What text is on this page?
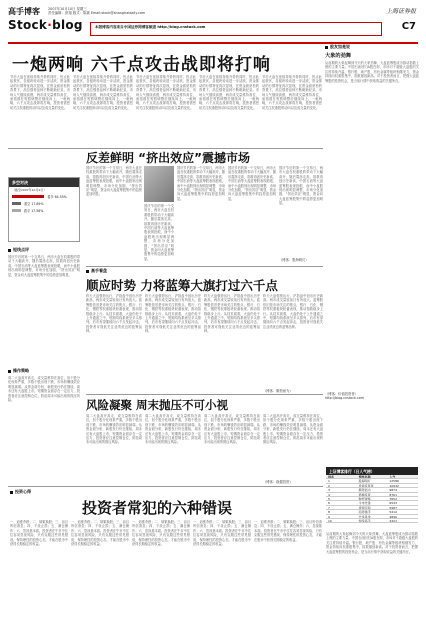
高手博客 2007年10月10日 星期三
责任编辑：彭翔 版式：陈斌 Email:stock@shanghaidaily.com	上海证券报
Stock·blog	本版博客内容来自中国证券网博客频道 http://blog.cnstock.com	C7
一炮两响 六千点攻击战即将打响
节后大盘在延续持续升势的同时，热点此起彼伏，各板块轮动进一步活跃，资金推动的行情特征再次显现，在资金面宽松的背景下，高位强势品种不断刷新纪录。市场人气继续高涨，两市成交量维持高位，而指数在短暂调整后继续向上，一炮两响，六千点攻击战即将打响，投资者需密切关注权重股的动向以及成交量的变化。
节后大盘在延续持续升势的同时，热点此起彼伏，各板块轮动进一步活跃，资金推动的行情特征再次显现，在资金面宽松的背景下，高位强势品种不断刷新纪录。市场人气继续高涨，两市成交量维持高位，而指数在短暂调整后继续向上，一炮两响，六千点攻击战即将打响，投资者需密切关注权重股的动向以及成交量的变化。
节后大盘在延续持续升势的同时，热点此起彼伏，各板块轮动进一步活跃，资金推动的行情特征再次显现，在资金面宽松的背景下，高位强势品种不断刷新纪录。市场人气继续高涨，两市成交量维持高位，而指数在短暂调整后继续向上，一炮两响，六千点攻击战即将打响，投资者需密切关注权重股的动向以及成交量的变化。
节后大盘在延续持续升势的同时，热点此起彼伏，各板块轮动进一步活跃，资金推动的行情特征再次显现，在资金面宽松的背景下，高位强势品种不断刷新纪录。市场人气继续高涨，两市成交量维持高位，而指数在短暂调整后继续向上，一炮两响，六千点攻击战即将打响，投资者需密切关注权重股的动向以及成交量的变化。
节后大盘在延续持续升势的同时，热点此起彼伏，各板块轮动进一步活跃，资金推动的行情特征再次显现，在资金面宽松的背景下，高位强势品种不断刷新纪录。市场人气继续高涨，两市成交量维持高位，而指数在短暂调整后继续向上，一炮两响，六千点攻击战即将打响，投资者需密切关注权重股的动向以及成交量的变化。
多空对决
（截至2007年10月9日）
看多
64.55%
看空
17.89%
看平
17.56%
短线点评
国庆节后的第一个交易日，两市大盘在权重股的带动下大幅高开，随后震荡走高，指数再创历史新高，中国石油等大盘蓝筹股表现抢眼，而中小盘股则出现明显调整，市场分化加剧，“挤出效应”明显，资金向大盘蓝筹股集中的趋势更加明显。
操作策略
周二大盘高开高走，成交量维持在高位，但个股分化现象严重，多数个股出现下跌，市场的赚钱效应明显减弱。从资金面分析，新股发行仍在继续，周末还有大盘股上市，短期资金面存在一定压力，投资者应注意控制仓位，防范周末可能出现的抛压风险。
反差鲜明 “挤出效应”震撼市场
国庆节后的第一个交易日，两市大盘在权重股的带动下大幅高开，随后震荡走高，指数再创历史新高，中国石油等大盘蓝筹股表现抢眼，而中小盘股则出现明显调整，市场分化加剧，“挤出效应”明显，资金向大盘蓝筹股集中的趋势更加明显。
国庆节后的第一个交易日，两市大盘在权重股的带动下大幅高开，随后震荡走高，指数再创历史新高，中国石油等大盘蓝筹股表现抢眼，而中小盘股则出现明显调整，市场分化加剧，“挤出效应”明显，资金向大盘蓝筹股集中的趋势更加明显。
国庆节后的第一个交易日，两市大盘在权重股的带动下大幅高开，随后震荡走高，指数再创历史新高，中国石油等大盘蓝筹股表现抢眼，而中小盘股则出现明显调整，市场分化加剧，“挤出效应”明显，资金向大盘蓝筹股集中的趋势更加明显。
国庆节后的第一个交易日，两市大盘在权重股的带动下大幅高开，随后震荡走高，指数再创历史新高，中国石油等大盘蓝筹股表现抢眼，而中小盘股则出现明显调整，市场分化加剧，“挤出效应”明显，资金向大盘蓝筹股集中的趋势更加明显。
国庆节后的第一个交易日，两市大盘在权重股的带动下大幅高开，随后震荡走高，指数再创历史新高，中国石油等大盘蓝筹股表现抢眼，而中小盘股则出现明显调整，市场分化加剧，“挤出效应”明显，资金向大盘蓝筹股集中的趋势更加明显。
（博客：股海明灯）
高手看盘
顺应时势 力将蓝筹大旗打过六千点
昨天大盘强势运行，沪指盘中创出历史新高，两市成交量较前日有所放大。蓝筹股依旧是市场关注的焦点，银行、石化、钢铁等权重板块轮番表现，推动指数稳步上行。从技术面看，大盘仍处于上升通道之中，短期均线系统呈多头排列，后市有望继续向六千点发起冲击，投资者可逢低关注业绩优良的蓝筹品种。
昨天大盘强势运行，沪指盘中创出历史新高，两市成交量较前日有所放大。蓝筹股依旧是市场关注的焦点，银行、石化、钢铁等权重板块轮番表现，推动指数稳步上行。从技术面看，大盘仍处于上升通道之中，短期均线系统呈多头排列，后市有望继续向六千点发起冲击，投资者可逢低关注业绩优良的蓝筹品种。
昨天大盘强势运行，沪指盘中创出历史新高，两市成交量较前日有所放大。蓝筹股依旧是市场关注的焦点，银行、石化、钢铁等权重板块轮番表现，推动指数稳步上行。从技术面看，大盘仍处于上升通道之中，短期均线系统呈多头排列，后市有望继续向六千点发起冲击，投资者可逢低关注业绩优良的蓝筹品种。
昨天大盘强势运行，沪指盘中创出历史新高，两市成交量较前日有所放大。蓝筹股依旧是市场关注的焦点，银行、石化、钢铁等权重板块轮番表现，推动指数稳步上行。从技术面看，大盘仍处于上升通道之中，短期均线系统呈多头排列，后市有望继续向六千点发起冲击，投资者可逢低关注业绩优良的蓝筹品种。
（博客：顺势而为）
风险凝聚 周末抛压不可小视
周二大盘高开高走，成交量维持在高位，但个股分化现象严重，多数个股出现下跌，市场的赚钱效应明显减弱。从资金面分析，新股发行仍在继续，周末还有大盘股上市，短期资金面存在一定压力，投资者应注意控制仓位，防范周末可能出现的抛压风险。
周二大盘高开高走，成交量维持在高位，但个股分化现象严重，多数个股出现下跌，市场的赚钱效应明显减弱。从资金面分析，新股发行仍在继续，周末还有大盘股上市，短期资金面存在一定压力，投资者应注意控制仓位，防范周末可能出现的抛压风险。
周二大盘高开高走，成交量维持在高位，但个股分化现象严重，多数个股出现下跌，市场的赚钱效应明显减弱。从资金面分析，新股发行仍在继续，周末还有大盘股上市，短期资金面存在一定压力，投资者应注意控制仓位，防范周末可能出现的抛压风险。
周二大盘高开高走，成交量维持在高位，但个股分化现象严重，多数个股出现下跌，市场的赚钱效应明显减弱。从资金面分析，新股发行仍在继续，周末还有大盘股上市，短期资金面存在一定压力，投资者应注意控制仓位，防范周末可能出现的抛压风险。
（博客：稳健投资）
投资心得
投资者常犯的六种错误
一、追涨杀跌；二、频繁换股；三、盲目听信消息；四、不设止损；五、满仓操作；六、忽视基本面。投资者在牛市中往往容易忽视风险，只有克服这些常见错误，保持理性的投资心态，才能在股市中获得长期稳定的收益。
一、追涨杀跌；二、频繁换股；三、盲目听信消息；四、不设止损；五、满仓操作；六、忽视基本面。投资者在牛市中往往容易忽视风险，只有克服这些常见错误，保持理性的投资心态，才能在股市中获得长期稳定的收益。
一、追涨杀跌；二、频繁换股；三、盲目听信消息；四、不设止损；五、满仓操作；六、忽视基本面。投资者在牛市中往往容易忽视风险，只有克服这些常见错误，保持理性的投资心态，才能在股市中获得长期稳定的收益。
一、追涨杀跌；二、频繁换股；三、盲目听信消息；四、不设止损；五、满仓操作；六、忽视基本面。投资者在牛市中往往容易忽视风险，只有克服这些常见错误，保持理性的投资心态，才能在股市中获得长期稳定的收益。
一、追涨杀跌；二、频繁换股；三、盲目听信消息；四、不设止损；五、满仓操作；六、忽视基本面。投资者在牛市中往往容易忽视风险，只有克服这些常见错误，保持理性的投资心态，才能在股市中获得长期稳定的收益。
股友如是说
大象的劲舞
从前期的大象起舞到今天的大象劲舞，大盘蓝筹股成为推动指数上涨的主要力量。中国石油回归A股在即，市场对于超级大盘股的关注度持续升温。银行股、地产股、有色金属等板块相继发力，资金持续向权重股集中，指数屡创新高。对于投资者而言，把握大盘蓝筹股的投资机会，是当前行情中获取收益的关键所在。
（博客：价值投资者）
http://blog.cnstock.com
上证博客排行（日人气榜）
排名	博客名称	人气
1	股海明灯	12586
2	价值投资者	10932
3	顺势而为	9874
4	稳健投资	8761
5	财经观察	7652
6	牛市先锋	6543
7	涨停密码	5987
8	趋势猎手	5412
9	长线是金	4896
10	短线高手	4321
从前期的大象起舞到今天的大象劲舞，大盘蓝筹股成为推动指数上涨的主要力量。中国石油回归A股在即，市场对于超级大盘股的关注度持续升温。银行股、地产股、有色金属等板块相继发力，资金持续向权重股集中，指数屡创新高。对于投资者而言，把握大盘蓝筹股的投资机会，是当前行情中获取收益的关键所在。
